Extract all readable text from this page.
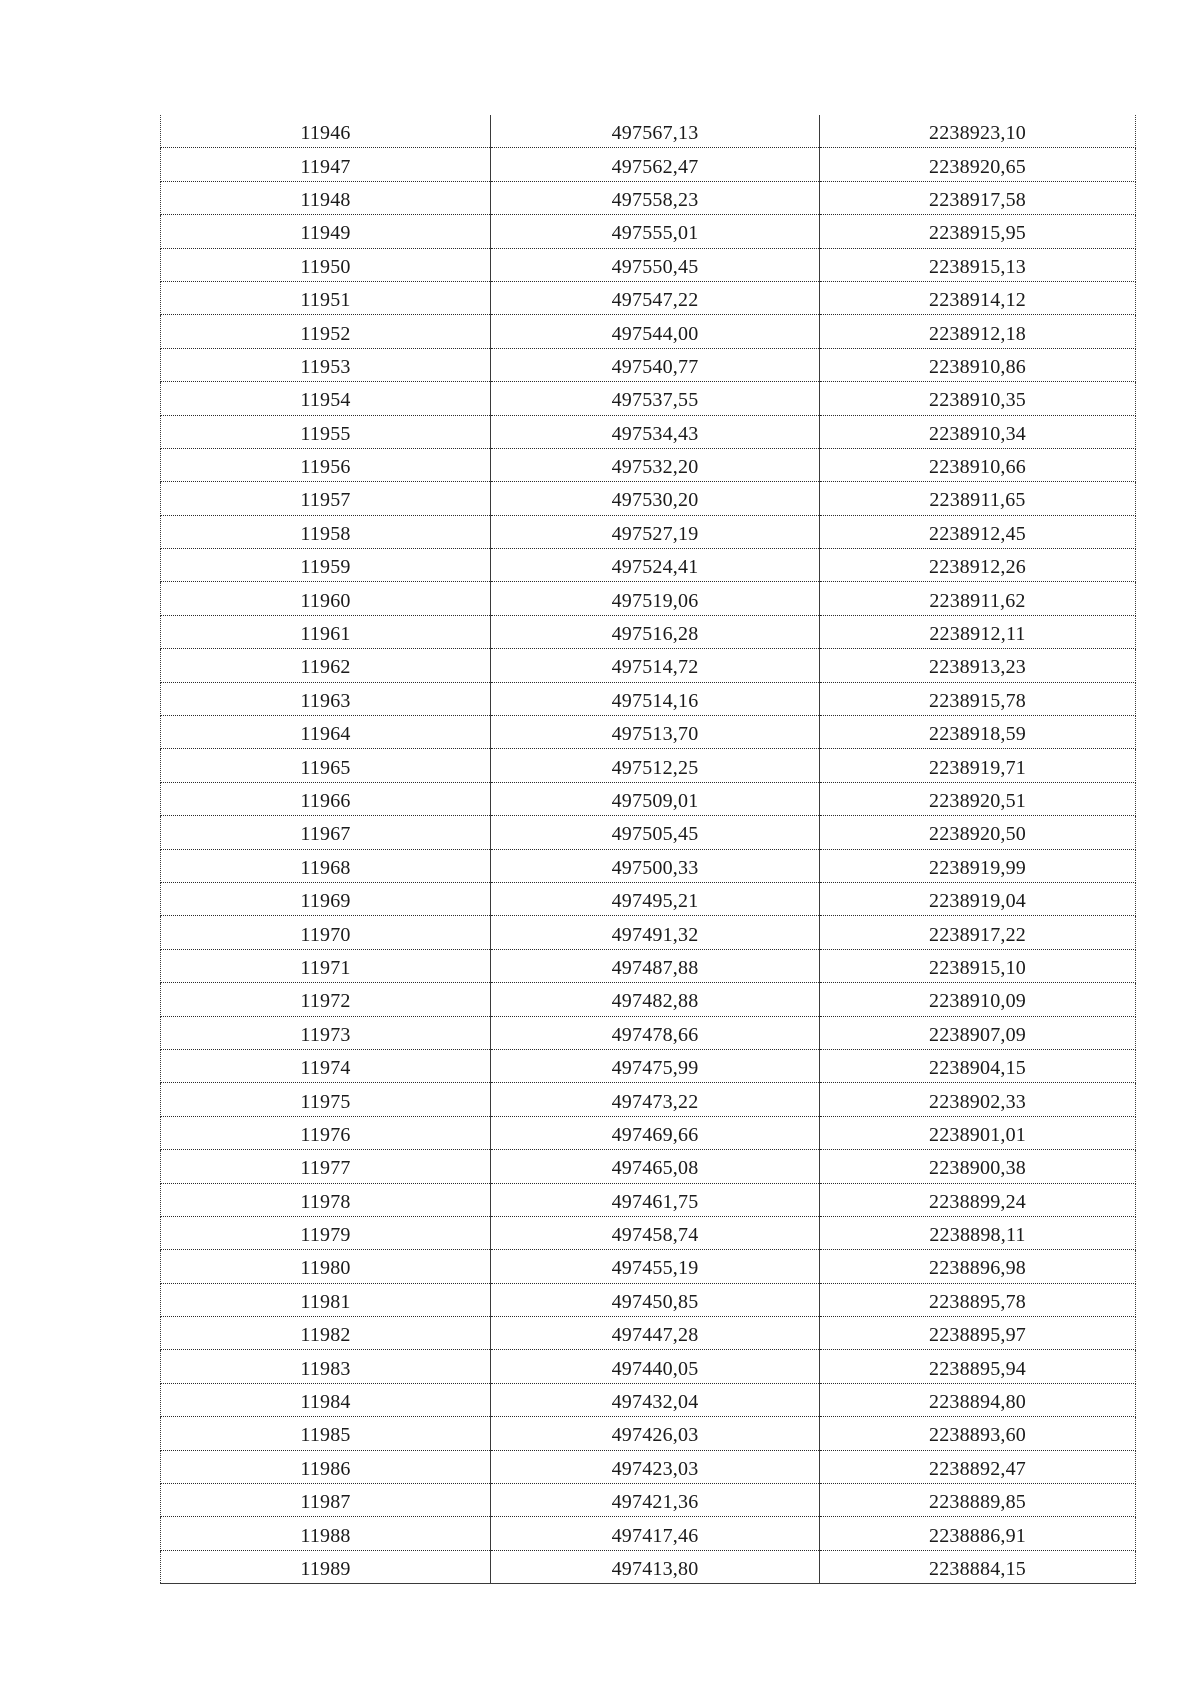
11946	497567,13	2238923,10
11947	497562,47	2238920,65
11948	497558,23	2238917,58
11949	497555,01	2238915,95
11950	497550,45	2238915,13
11951	497547,22	2238914,12
11952	497544,00	2238912,18
11953	497540,77	2238910,86
11954	497537,55	2238910,35
11955	497534,43	2238910,34
11956	497532,20	2238910,66
11957	497530,20	2238911,65
11958	497527,19	2238912,45
11959	497524,41	2238912,26
11960	497519,06	2238911,62
11961	497516,28	2238912,11
11962	497514,72	2238913,23
11963	497514,16	2238915,78
11964	497513,70	2238918,59
11965	497512,25	2238919,71
11966	497509,01	2238920,51
11967	497505,45	2238920,50
11968	497500,33	2238919,99
11969	497495,21	2238919,04
11970	497491,32	2238917,22
11971	497487,88	2238915,10
11972	497482,88	2238910,09
11973	497478,66	2238907,09
11974	497475,99	2238904,15
11975	497473,22	2238902,33
11976	497469,66	2238901,01
11977	497465,08	2238900,38
11978	497461,75	2238899,24
11979	497458,74	2238898,11
11980	497455,19	2238896,98
11981	497450,85	2238895,78
11982	497447,28	2238895,97
11983	497440,05	2238895,94
11984	497432,04	2238894,80
11985	497426,03	2238893,60
11986	497423,03	2238892,47
11987	497421,36	2238889,85
11988	497417,46	2238886,91
11989	497413,80	2238884,15
